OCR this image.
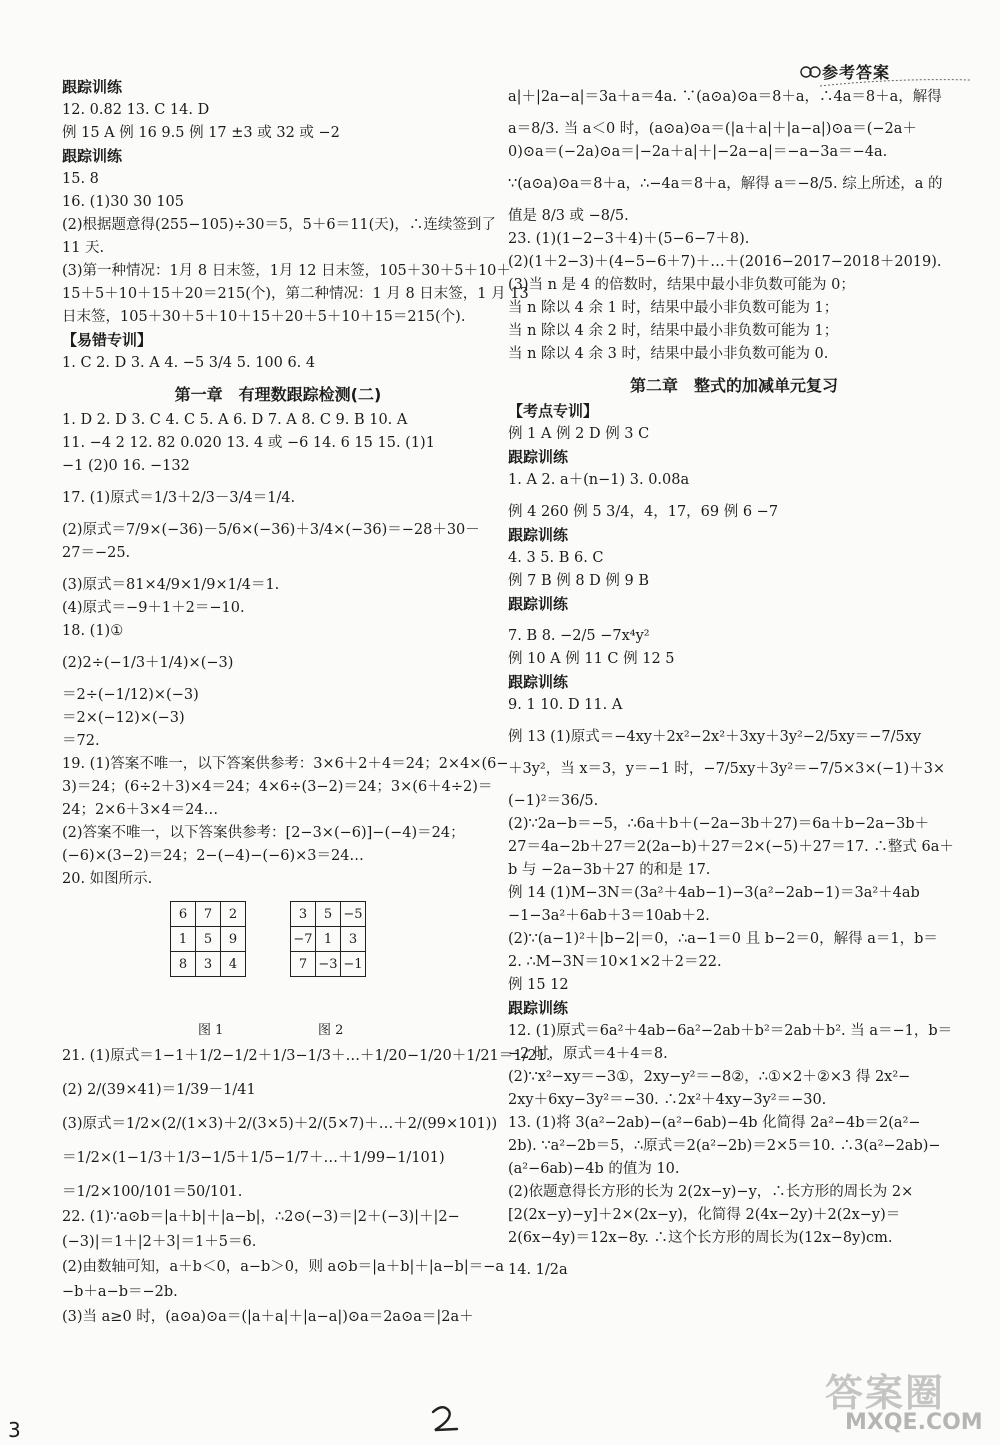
参考答案
跟踪训练
12. 0.82 13. C 14. D
例 15 A 例 16 9.5 例 17 ±3 或 32 或 −2
跟踪训练
15. 8
16. (1)30 30 105
(2)根据题意得(255−105)÷30＝5，5＋6＝11(天)，∴连续签到了
11 天.
(3)第一种情况：1月 8 日末签，1月 12 日末签，105＋30＋5＋10＋
15＋5＋10＋15＋20＝215(个)，第二种情况：1 月 8 日末签，1 月 13
日末签，105＋30＋5＋10＋15＋20＋5＋10＋15＝215(个).
【易错专训】
1. C 2. D 3. A 4. −5 3/4 5. 100 6. 4
第一章　有理数跟踪检测(二)
1. D 2. D 3. C 4. C 5. A 6. D 7. A 8. C 9. B 10. A
11. −4 2 12. 82 0.020 13. 4 或 −6 14. 6 15 15. (1)1
−1 (2)0 16. −132
17. (1)原式＝1/3＋2/3－3/4＝1/4.
(2)原式＝7/9×(−36)－5/6×(−36)＋3/4×(−36)＝−28＋30－
27＝−25.
(3)原式＝81×4/9×1/9×1/4＝1.
(4)原式＝−9＋1＋2＝−10.
18. (1)①
(2)2÷(−1/3＋1/4)×(−3)
＝2÷(−1/12)×(−3)
＝2×(−12)×(−3)
＝72.
19. (1)答案不唯一，以下答案供参考：3×6＋2＋4＝24；2×4×(6−
3)＝24；(6÷2＋3)×4＝24；4×6÷(3−2)＝24；3×(6＋4÷2)＝
24；2×6＋3×4＝24…
(2)答案不唯一，以下答案供参考：[2−3×(−6)]−(−4)＝24；
(−6)×(3−2)＝24；2−(−4)−(−6)×3＝24…
20. 如图所示.
6	7	2
1	5	9
8	3	4
图 1
3	5	−5
−7	1	3
7	−3	−1
图 2
21. (1)原式＝1−1＋1/2−1/2＋1/3−1/3＋…＋1/20−1/20＋1/21＝1/21.
(2) 2/(39×41)＝1/39－1/41
(3)原式＝1/2×(2/(1×3)＋2/(3×5)＋2/(5×7)＋…＋2/(99×101))
＝1/2×(1−1/3＋1/3−1/5＋1/5−1/7＋…＋1/99−1/101)
＝1/2×100/101＝50/101.
22. (1)∵a⊙b＝|a＋b|＋|a−b|，∴2⊙(−3)＝|2＋(−3)|＋|2−
(−3)|＝1＋|2＋3|＝1＋5＝6.
(2)由数轴可知，a＋b＜0，a−b＞0，则 a⊙b＝|a＋b|＋|a−b|＝−a
−b＋a−b＝−2b.
(3)当 a≥0 时，(a⊙a)⊙a＝(|a＋a|＋|a−a|)⊙a＝2a⊙a＝|2a＋
a|＋|2a−a|＝3a＋a＝4a. ∵(a⊙a)⊙a＝8＋a，∴4a＝8＋a，解得
a＝8/3. 当 a＜0 时，(a⊙a)⊙a＝(|a＋a|＋|a−a|)⊙a＝(−2a＋
0)⊙a＝(−2a)⊙a＝|−2a＋a|＋|−2a−a|＝−a−3a＝−4a.
∵(a⊙a)⊙a＝8＋a，∴−4a＝8＋a，解得 a＝−8/5. 综上所述，a 的
值是 8/3 或 −8/5.
23. (1)(1−2−3＋4)＋(5−6−7＋8).
(2)(1＋2−3)＋(4−5−6＋7)＋…＋(2016−2017−2018＋2019).
(3)当 n 是 4 的倍数时，结果中最小非负数可能为 0；
当 n 除以 4 余 1 时，结果中最小非负数可能为 1；
当 n 除以 4 余 2 时，结果中最小非负数可能为 1；
当 n 除以 4 余 3 时，结果中最小非负数可能为 0.
第二章　整式的加减单元复习
【考点专训】
例 1 A 例 2 D 例 3 C
跟踪训练
1. A 2. a＋(n−1) 3. 0.08a
例 4 260 例 5 3/4，4，17，69 例 6 −7
跟踪训练
4. 3 5. B 6. C
例 7 B 例 8 D 例 9 B
跟踪训练
7. B 8. −2/5 −7x⁴y²
例 10 A 例 11 C 例 12 5
跟踪训练
9. 1 10. D 11. A
例 13 (1)原式＝−4xy＋2x²−2x²＋3xy＋3y²−2/5xy＝−7/5xy
＋3y²，当 x＝3，y＝−1 时，−7/5xy＋3y²＝−7/5×3×(−1)＋3×
(−1)²＝36/5.
(2)∵2a−b＝−5，∴6a＋b＋(−2a−3b＋27)＝6a＋b−2a−3b＋
27＝4a−2b＋27＝2(2a−b)＋27＝2×(−5)＋27＝17. ∴整式 6a＋
b 与 −2a−3b＋27 的和是 17.
例 14 (1)M−3N＝(3a²＋4ab−1)−3(a²−2ab−1)＝3a²＋4ab
−1−3a²＋6ab＋3＝10ab＋2.
(2)∵(a−1)²＋|b−2|＝0，∴a−1＝0 且 b−2＝0，解得 a＝1，b＝
2. ∴M−3N＝10×1×2＋2＝22.
例 15 12
跟踪训练
12. (1)原式＝6a²＋4ab−6a²−2ab＋b²＝2ab＋b². 当 a＝−1，b＝
−2 时，原式＝4＋4＝8.
(2)∵x²−xy＝−3①，2xy−y²＝−8②，∴①×2＋②×3 得 2x²−
2xy＋6xy−3y²＝−30. ∴2x²＋4xy−3y²＝−30.
13. (1)将 3(a²−2ab)−(a²−6ab)−4b 化简得 2a²−4b＝2(a²−
2b). ∵a²−2b＝5，∴原式＝2(a²−2b)＝2×5＝10. ∴3(a²−2ab)−
(a²−6ab)−4b 的值为 10.
(2)依题意得长方形的长为 2(2x−y)−y，∴长方形的周长为 2×
[2(2x−y)−y]＋2×(2x−y)，化简得 2(4x−2y)＋2(2x−y)＝
2(6x−4y)＝12x−8y. ∴这个长方形的周长为(12x−8y)cm.
14. 1/2a
3
答案圈
MXQE.COM
